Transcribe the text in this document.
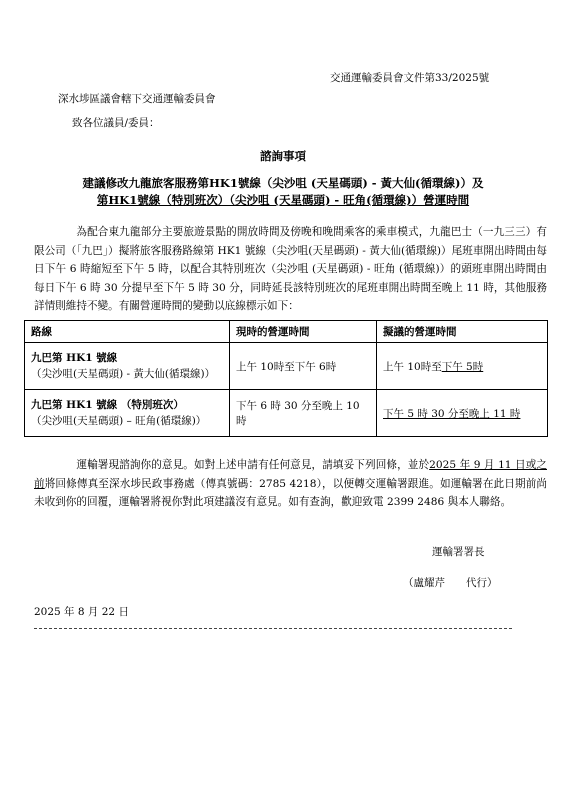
交通運輸委員會文件第33/2025號
深水埗區議會轄下交通運輸委員會
致各位議員/委員：
諮詢事項
建議修改九龍旅客服務第HK1號線（尖沙咀 (天星碼頭) - 黃大仙(循環線)）及
第HK1號線（特別班次）（尖沙咀 (天星碼頭) - 旺角(循環線)）營運時間
為配合東九龍部分主要旅遊景點的開放時間及傍晚和晚間乘客的乘車模式，九龍巴士（一九三三）有限公司（「九巴」）擬將旅客服務路線第 HK1 號線（尖沙咀(天星碼頭) - 黃大仙(循環線)）尾班車開出時間由每日下午 6 時縮短至下午 5 時，以配合其特別班次（尖沙咀 (天星碼頭) - 旺角 (循環線)）的頭班車開出時間由每日下午 6 時 30 分提早至下午 5 時 30 分，同時延長該特別班次的尾班車開出時間至晚上 11 時，其他服務詳情則維持不變。有關營運時間的變動以底線標示如下：
路線	現時的營運時間	擬議的營運時間

九巴第 HK1 號線
（尖沙咀(天星碼頭) - 黃大仙(循環線)）	上午 10時至下午 6時	上午 10時至下午 5時

九巴第 HK1 號線 （特別班次）
（尖沙咀(天星碼頭) – 旺角(循環線)）	下午 6 時 30 分至晚上 10 時	下午 5 時 30 分至晚上 11 時
運輸署現諮詢你的意見。如對上述申請有任何意見，請填妥下列回條，並於2025 年 9 月 11 日或之前將回條傳真至深水埗民政事務處（傳真號碼：2785 4218），以便轉交運輸署跟進。如運輸署在此日期前尚未收到你的回覆，運輸署將視你對此項建議沒有意見。如有查詢，歡迎致電 2399 2486 與本人聯絡。
運輸署署長
（盧耀芹　　代行）
2025 年 8 月 22 日
